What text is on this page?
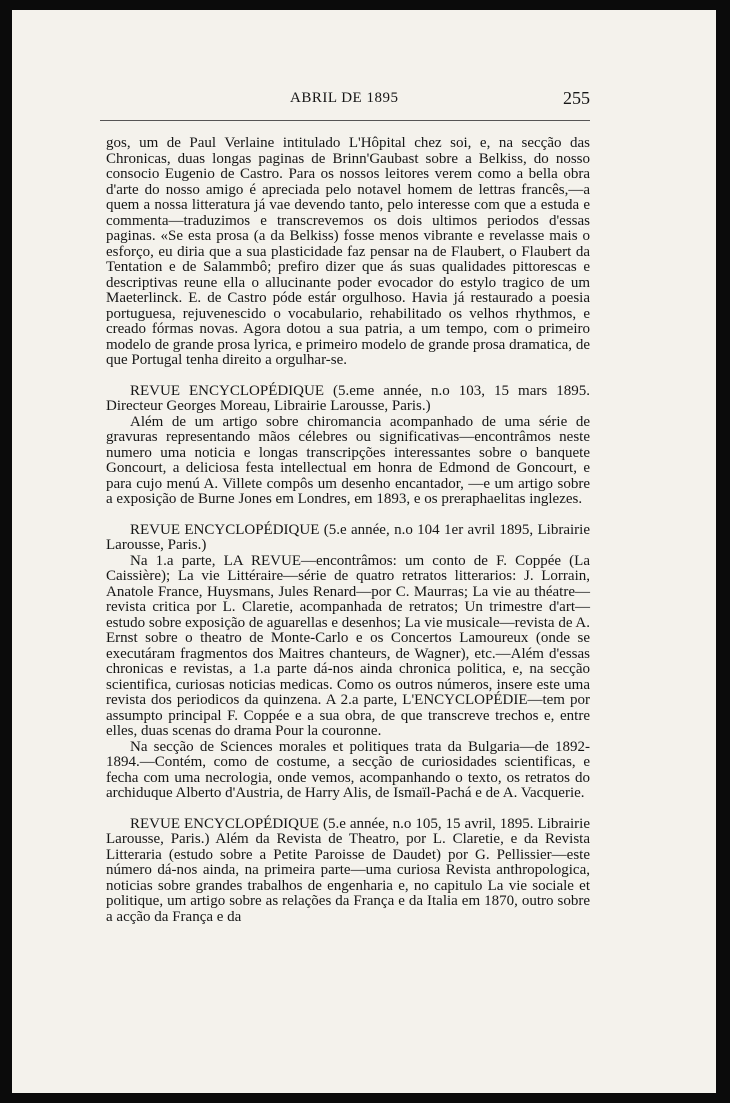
ABRIL DE 1895	255

gos, um de Paul Verlaine intitulado L'Hôpital chez soi, e, na secção das Chronicas, duas longas paginas de Brinn'Gaubast sobre a Belkiss, do nosso consocio Eugenio de Castro. Para os nossos leitores verem como a bella obra d'arte do nosso amigo é apreciada pelo notavel homem de lettras francês,—a quem a nossa litteratura já vae devendo tanto, pelo interesse com que a estuda e commenta—traduzimos e transcrevemos os dois ultimos periodos d'essas paginas. «Se esta prosa (a da Belkiss) fosse menos vibrante e revelasse mais o esforço, eu diria que a sua plasticidade faz pensar na de Flaubert, o Flaubert da Tentation e de Salammbô; prefiro dizer que ás suas qualidades pittorescas e descriptivas reune ella o allucinante poder evocador do estylo tragico de um Maeterlinck. E. de Castro póde estár orgulhoso. Havia já restaurado a poesia portuguesa, rejuvenescido o vocabulario, rehabilitado os velhos rhythmos, e creado fórmas novas. Agora dotou a sua patria, a um tempo, com o primeiro modelo de grande prosa lyrica, e primeiro modelo de grande prosa dramatica, de que Portugal tenha direito a orgulhar-se.

REVUE ENCYCLOPÉDIQUE (5.eme année, n.o 103, 15 mars 1895. Directeur Georges Moreau, Librairie Larousse, Paris.)

Além de um artigo sobre chiromancia acompanhado de uma série de gravuras representando mãos célebres ou significativas—encontrâmos neste numero uma noticia e longas transcripções interessantes sobre o banquete Goncourt, a deliciosa festa intellectual em honra de Edmond de Goncourt, e para cujo menú A. Villete compôs um desenho encantador, —e um artigo sobre a exposição de Burne Jones em Londres, em 1893, e os preraphaelitas inglezes.

REVUE ENCYCLOPÉDIQUE (5.e année, n.o 104 1er avril 1895, Librairie Larousse, Paris.)

Na 1.a parte, LA REVUE—encontrâmos: um conto de F. Coppée (La Caissière); La vie Littéraire—série de quatro retratos litterarios: J. Lorrain, Anatole France, Huysmans, Jules Renard—por C. Maurras; La vie au théatre—revista critica por L. Claretie, acompanhada de retratos; Un trimestre d'art—estudo sobre exposição de aguarellas e desenhos; La vie musicale—revista de A. Ernst sobre o theatro de Monte-Carlo e os Concertos Lamoureux (onde se executáram fragmentos dos Maitres chanteurs, de Wagner), etc.—Além d'essas chronicas e revistas, a 1.a parte dá-nos ainda chronica politica, e, na secção scientifica, curiosas noticias medicas. Como os outros números, insere este uma revista dos periodicos da quinzena. A 2.a parte, L'ENCYCLOPÉDIE—tem por assumpto principal F. Coppée e a sua obra, de que transcreve trechos e, entre elles, duas scenas do drama Pour la couronne.

Na secção de Sciences morales et politiques trata da Bulgaria—de 1892-1894.—Contém, como de costume, a secção de curiosidades scientificas, e fecha com uma necrologia, onde vemos, acompanhando o texto, os retratos do archiduque Alberto d'Austria, de Harry Alis, de Ismaïl-Pachá e de A. Vacquerie.

REVUE ENCYCLOPÉDIQUE (5.e année, n.o 105, 15 avril, 1895. Librairie Larousse, Paris.) Além da Revista de Theatro, por L. Claretie, e da Revista Litteraria (estudo sobre a Petite Paroisse de Daudet) por G. Pellissier—este número dá-nos ainda, na primeira parte—uma curiosa Revista anthropologica, noticias sobre grandes trabalhos de engenharia e, no capitulo La vie sociale et politique, um artigo sobre as relações da França e da Italia em 1870, outro sobre a acção da França e da
